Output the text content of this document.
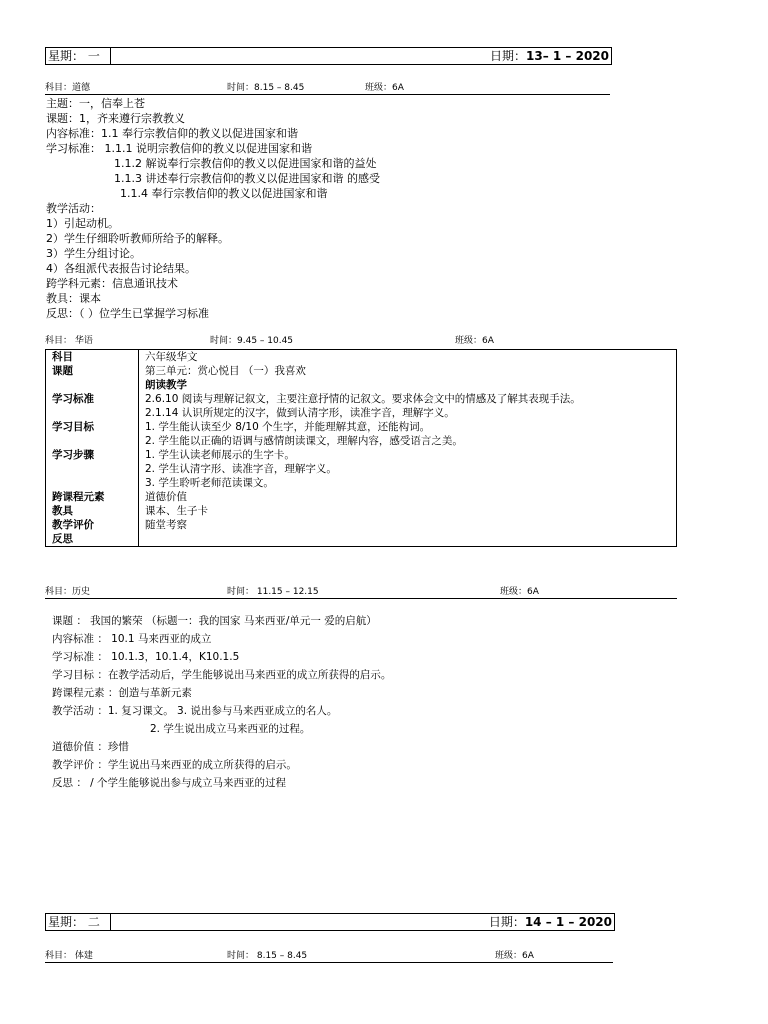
星期： 一	日期：13– 1 – 2020
科目：道德	时间：8.15 – 8.45	班级：6A
主题：一，信奉上苍
课题：1，齐来遵行宗教教义
内容标准：1.1 奉行宗教信仰的教义以促进国家和谐
学习标准： 1.1.1 说明宗教信仰的教义以促进国家和谐
1.1.2 解说奉行宗教信仰的教义以促进国家和谐的益处
1.1.3 讲述奉行宗教信仰的教义以促进国家和谐 的感受
1.1.4 奉行宗教信仰的教义以促进国家和谐
教学活动：
1）引起动机。
2）学生仔细聆听教师所给予的解释。
3）学生分组讨论。
4）各组派代表报告讨论结果。
跨学科元素：信息通讯技术
教具：课本
反思：（ ）位学生已掌握学习标准
科目： 华语	时间：9.45 – 10.45	班级：6A
科目	六年级华文
课题	第三单元：赏心悦目 （一）我喜欢
	朗读教学
学习标准	2.6.10 阅读与理解记叙文，主要注意抒情的记叙文。要求体会文中的情感及了解其表现手法。
2.1.14 认识所规定的汉字，做到认清字形，读准字音，理解字义。

学习目标	1. 学生能认读至少 8/10 个生字，并能理解其意，还能构词。
2. 学生能以正确的语调与感情朗读课文，理解内容，感受语言之美。

学习步骤	1. 学生认读老师展示的生字卡。
2. 学生认清字形、读准字音，理解字义。
3. 学生聆听老师范读课文。

跨课程元素	道德价值
教具	课本、生子卡
教学评价	随堂考察
反思	
科目：历史	时间： 11.15 – 12.15	班级：6A
课题 ： 我国的繁荣 （标题一：我的国家 马来西亚/单元一 爱的启航）
内容标准 ： 10.1 马来西亚的成立
学习标准 ： 10.1.3，10.1.4，K10.1.5
学习目标 ：在教学活动后，学生能够说出马来西亚的成立所获得的启示。
跨课程元素 ：创造与革新元素
教学活动 ：1. 复习课文。 3. 说出参与马来西亚成立的名人。
2. 学生说出成立马来西亚的过程。
道德价值 ：珍惜
教学评价 ：学生说出马来西亚的成立所获得的启示。
反思 ： / 个学生能够说出参与成立马来西亚的过程
星期： 二	日期：14 – 1 – 2020
科目： 体建	时间： 8.15 – 8.45	班级：6A
